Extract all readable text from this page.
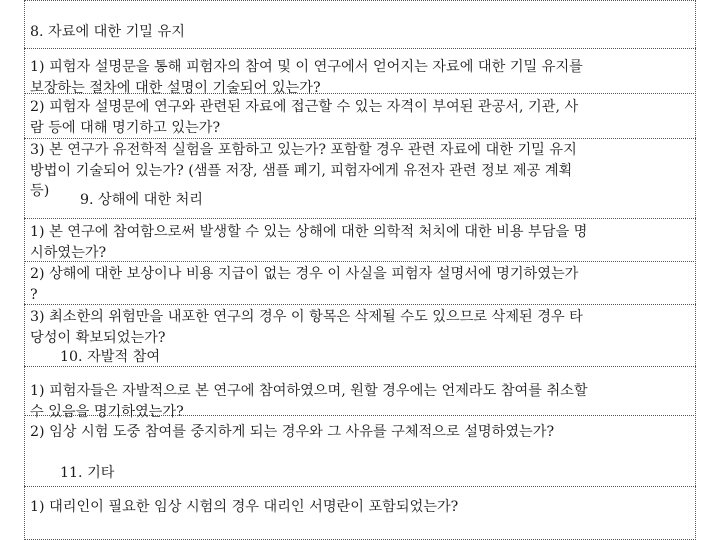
8. 자료에 대한 기밀 유지
1) 피험자 설명문을 통해 피험자의 참여 및 이 연구에서 얻어지는 자료에 대한 기밀 유지를
보장하는 절차에 대한 설명이 기술되어 있는가?
2) 피험자 설명문에 연구와 관련된 자료에 접근할 수 있는 자격이 부여된 관공서, 기관, 사
람 등에 대해 명기하고 있는가?
3) 본 연구가 유전학적 실험을 포함하고 있는가? 포함할 경우 관련 자료에 대한 기밀 유지
방법이 기술되어 있는가? (샘플 저장, 샘플 폐기, 피험자에게 유전자 관련 정보 제공 계획
등)
9. 상해에 대한 처리
1) 본 연구에 참여함으로써 발생할 수 있는 상해에 대한 의학적 처치에 대한 비용 부담을 명
시하였는가?
2) 상해에 대한 보상이나 비용 지급이 없는 경우 이 사실을 피험자 설명서에 명기하였는가
?
3) 최소한의 위험만을 내포한 연구의 경우 이 항목은 삭제될 수도 있으므로 삭제된 경우 타
당성이 확보되었는가?
10. 자발적 참여
1) 피험자들은 자발적으로 본 연구에 참여하였으며, 원할 경우에는 언제라도 참여를 취소할
수 있음을 명기하였는가?
2) 임상 시험 도중 참여를 중지하게 되는 경우와 그 사유를 구체적으로 설명하였는가?
11. 기타
1) 대리인이 필요한 임상 시험의 경우 대리인 서명란이 포함되었는가?
